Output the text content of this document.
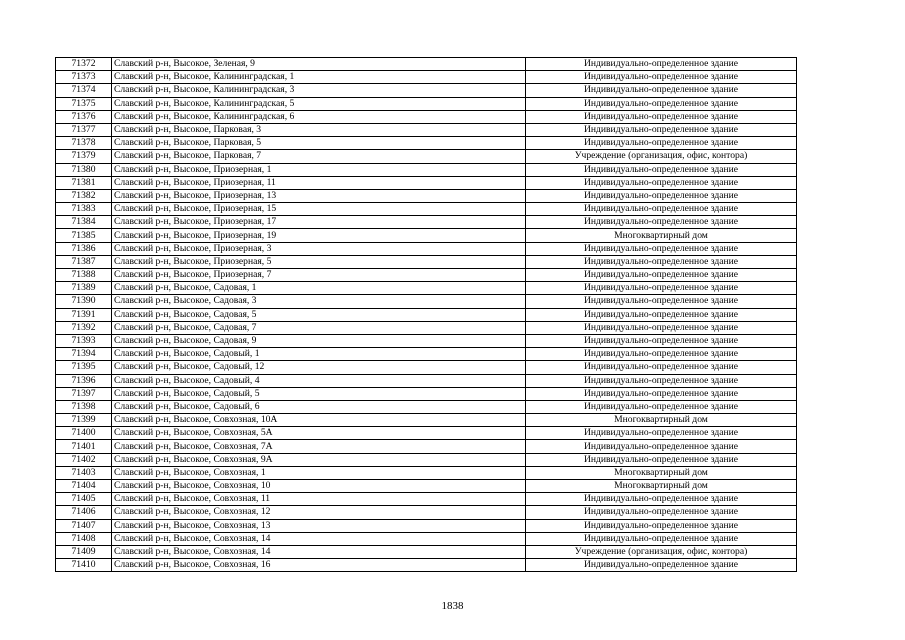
71372	Славский р-н, Высокое, Зеленая, 9	Индивидуально-определенное здание
71373	Славский р-н, Высокое, Калининградская, 1	Индивидуально-определенное здание
71374	Славский р-н, Высокое, Калининградская, 3	Индивидуально-определенное здание
71375	Славский р-н, Высокое, Калининградская, 5	Индивидуально-определенное здание
71376	Славский р-н, Высокое, Калининградская, 6	Индивидуально-определенное здание
71377	Славский р-н, Высокое, Парковая, 3	Индивидуально-определенное здание
71378	Славский р-н, Высокое, Парковая, 5	Индивидуально-определенное здание
71379	Славский р-н, Высокое, Парковая, 7	Учреждение (организация, офис, контора)
71380	Славский р-н, Высокое, Приозерная, 1	Индивидуально-определенное здание
71381	Славский р-н, Высокое, Приозерная, 11	Индивидуально-определенное здание
71382	Славский р-н, Высокое, Приозерная, 13	Индивидуально-определенное здание
71383	Славский р-н, Высокое, Приозерная, 15	Индивидуально-определенное здание
71384	Славский р-н, Высокое, Приозерная, 17	Индивидуально-определенное здание
71385	Славский р-н, Высокое, Приозерная, 19	Многоквартирный дом
71386	Славский р-н, Высокое, Приозерная, 3	Индивидуально-определенное здание
71387	Славский р-н, Высокое, Приозерная, 5	Индивидуально-определенное здание
71388	Славский р-н, Высокое, Приозерная, 7	Индивидуально-определенное здание
71389	Славский р-н, Высокое, Садовая, 1	Индивидуально-определенное здание
71390	Славский р-н, Высокое, Садовая, 3	Индивидуально-определенное здание
71391	Славский р-н, Высокое, Садовая, 5	Индивидуально-определенное здание
71392	Славский р-н, Высокое, Садовая, 7	Индивидуально-определенное здание
71393	Славский р-н, Высокое, Садовая, 9	Индивидуально-определенное здание
71394	Славский р-н, Высокое, Садовый, 1	Индивидуально-определенное здание
71395	Славский р-н, Высокое, Садовый, 12	Индивидуально-определенное здание
71396	Славский р-н, Высокое, Садовый, 4	Индивидуально-определенное здание
71397	Славский р-н, Высокое, Садовый, 5	Индивидуально-определенное здание
71398	Славский р-н, Высокое, Садовый, 6	Индивидуально-определенное здание
71399	Славский р-н, Высокое, Совхозная, 10А	Многоквартирный дом
71400	Славский р-н, Высокое, Совхозная, 5А	Индивидуально-определенное здание
71401	Славский р-н, Высокое, Совхозная, 7А	Индивидуально-определенное здание
71402	Славский р-н, Высокое, Совхозная, 9А	Индивидуально-определенное здание
71403	Славский р-н, Высокое, Совхозная, 1	Многоквартирный дом
71404	Славский р-н, Высокое, Совхозная, 10	Многоквартирный дом
71405	Славский р-н, Высокое, Совхозная, 11	Индивидуально-определенное здание
71406	Славский р-н, Высокое, Совхозная, 12	Индивидуально-определенное здание
71407	Славский р-н, Высокое, Совхозная, 13	Индивидуально-определенное здание
71408	Славский р-н, Высокое, Совхозная, 14	Индивидуально-определенное здание
71409	Славский р-н, Высокое, Совхозная, 14	Учреждение (организация, офис, контора)
71410	Славский р-н, Высокое, Совхозная, 16	Индивидуально-определенное здание
1838
